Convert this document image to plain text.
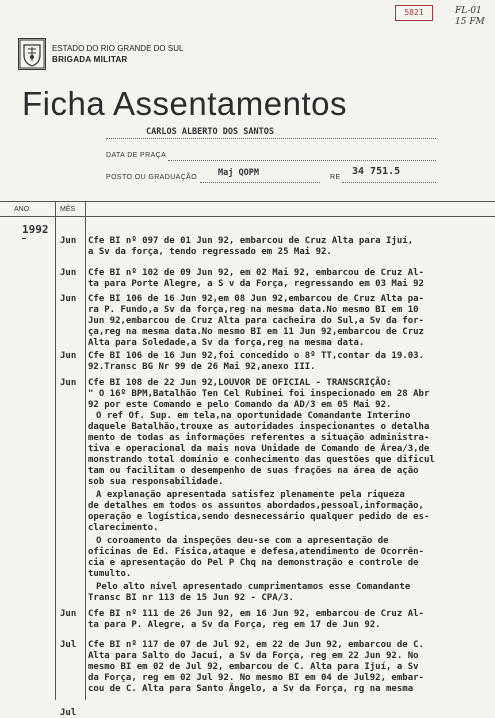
5821	FL-01
15 FM
ESTADO DO RIO GRANDE DO SUL
BRIGADA MILITAR
Ficha Assentamentos
CARLOS ALBERTO DOS SANTOS
DATA DE PRAÇA
POSTO OU GRADUAÇÃO Maj QOPM	RE
34 751.5
ANO	MÊS
1992
Jun Cfe BI nº 097 de 01 Jun 92, embarcou de Cruz Alta para Ijuí,
a Sv da força, tendo regressado em 25 Mai 92.
Jun Cfe BI nº 102 de 09 Jun 92, em 02 Mai 92, embarcou de Cruz Al-
ta para Porte Alegre, a S v da Força, regressando em 03 Mai 92
Jun Cfe BI 106 de 16 Jun 92,em 08 Jun 92,embarcou de Cruz Alta pa-
ra P. Fundo,a Sv da força,reg na mesma data.No mesmo BI em 10
Jun 92,embarcou de Cruz Alta para cacheira do Sul,a Sv da for-
ça,reg na mesma data.No mesmo BI em 11 Jun 92,embarcou de Cruz
Alta para Soledade,a Sv da força,reg na mesma data.
Jun Cfe BI 106 de 16 Jun 92,foi concedido o 8º TT,contar da 19.03.
92.Transc BG Nr 99 de 26 Mai 92,anexo III.
Jun Cfe BI 108 de 22 Jun 92,LOUVOR DE OFICIAL - TRANSCRIÇÃO:
" O 16º BPM,Batalhão Ten Cel Rubinei foi inspecionado em 28 Abr
92 por este Comando e pelo Comando da AD/3 em 05 Mai 92.
O ref Of. Sup. em tela,na oportunidade Comandante Interino
daquele Batalhão,trouxe as autoridades inspecionantes o detalha
mento de todas as informações referentes a situação administra-
tiva e operacional da mais nova Unidade de Comando de Área/3,de
monstrando total domínio e conhecimento das questões que dificul
tam ou facilitam o desempenho de suas frações na área de ação
sob sua responsabilidade.
A explanação apresentada satisfez plenamente pela riqueza
de detalhes em todos os assuntos abordados,pessoal,informação,
operação e logística,sendo desnecessário qualquer pedido de es-
clarecimento.
O coroamento da inspeções deu-se com a apresentação de
oficinas de Ed. Física,ataque e defesa,atendimento de Ocorrên-
cia e apresentação do Pel P Chq na demonstração e controle de
tumulto.
Pelo alto nível apresentado cumprimentamos esse Comandante
Transc BI nr 113 de 15 Jun 92 - CPA/3.
Jun Cfe BI nº 111 de 26 Jun 92, em 16 Jun 92, embarcou de Cruz Al-
ta para P. Alegre, a Sv da Força, reg em 17 de Jun 92.
Jul Cfe BI nº 117 de 07 de Jul 92, em 22 de Jun 92, embarcou de C.
Alta para Salto do Jacuí, a Sv da Força, reg em 22 Jun 92. No
mesmo BI em 02 de Jul 92, embarcou de C. Alta para Ijuí, a Sv
da Força, reg em 02 Jul 92. No mesmo BI em 04 de Jul92, embar-
cou de C. Alta para Santo Ângelo, a Sv da Força, rg na mesma
Jul
